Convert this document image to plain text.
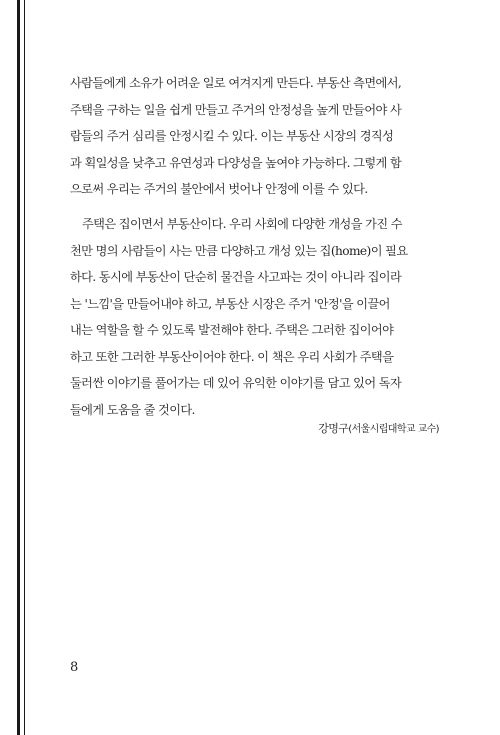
사람들에게 소유가 어려운 일로 여겨지게 만든다. 부동산 측면에서,
주택을 구하는 일을 쉽게 만들고 주거의 안정성을 높게 만들어야 사
람들의 주거 심리를 안정시킬 수 있다. 이는 부동산 시장의 경직성
과 획일성을 낮추고 유연성과 다양성을 높여야 가능하다. 그렇게 함
으로써 우리는 주거의 불안에서 벗어나 안정에 이를 수 있다.
주택은 집이면서 부동산이다. 우리 사회에 다양한 개성을 가진 수
천만 명의 사람들이 사는 만큼 다양하고 개성 있는 집(home)이 필요
하다. 동시에 부동산이 단순히 물건을 사고파는 것이 아니라 집이라
는 '느낌'을 만들어내야 하고, 부동산 시장은 주거 '안정'을 이끌어
내는 역할을 할 수 있도록 발전해야 한다. 주택은 그러한 집이어야
하고 또한 그러한 부동산이어야 한다. 이 책은 우리 사회가 주택을
둘러싼 이야기를 풀어가는 데 있어 유익한 이야기를 담고 있어 독자
들에게 도움을 줄 것이다.
강명구(서울시립대학교 교수)
8
